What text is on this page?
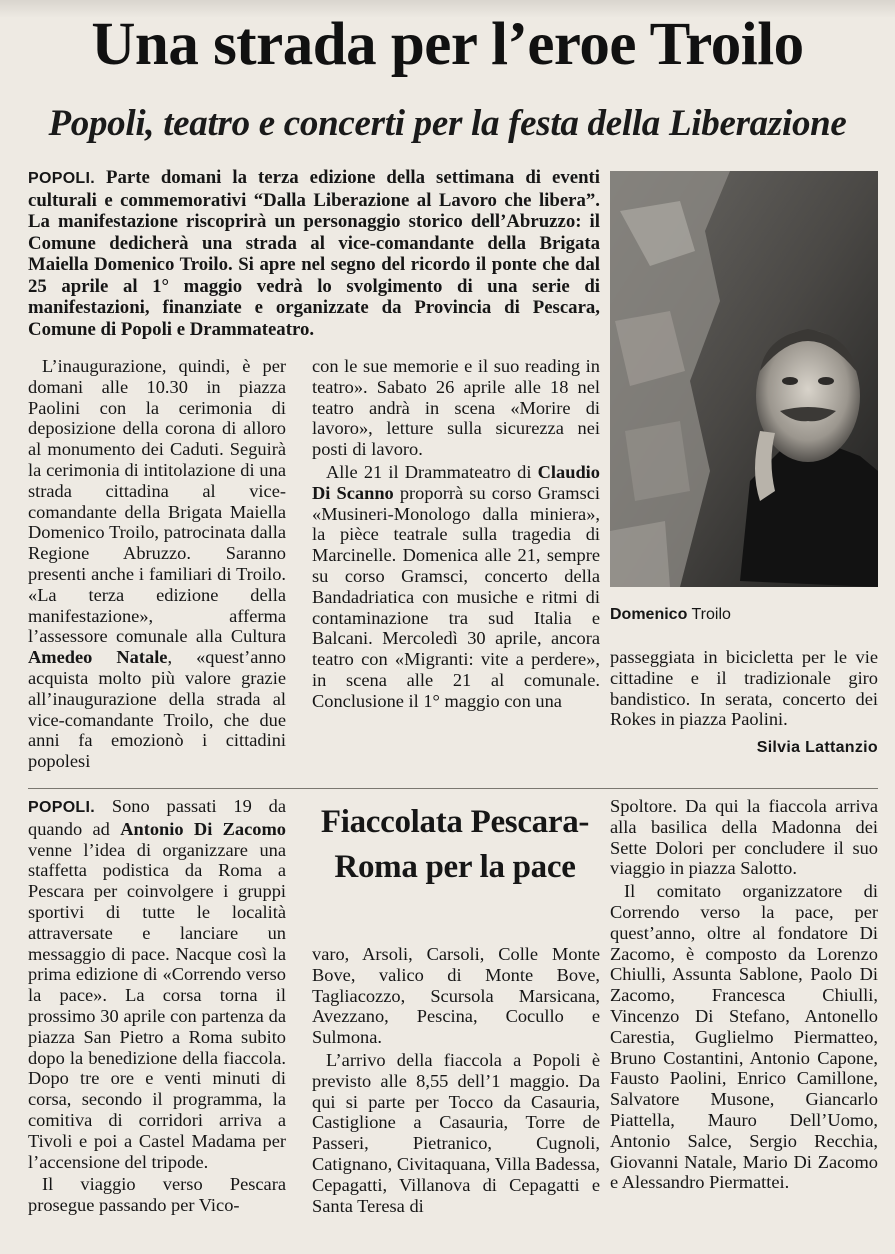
Una strada per l’eroe Troilo
Popoli, teatro e concerti per la festa della Liberazione

POPOLI. Parte domani la terza edizione della settimana di eventi culturali e commemorativi “Dalla Liberazione al Lavoro che libera”. La manifestazione riscoprirà un personaggio storico dell’Abruzzo: il Comune dedicherà una strada al vice-comandante della Brigata Maiella Domenico Troilo. Si apre nel segno del ricordo il ponte che dal 25 aprile al 1° maggio vedrà lo svolgimento di una serie di manifestazioni, finanziate e organizzate da Provincia di Pescara, Comune di Popoli e Drammateatro.

L’inaugurazione, quindi, è per domani alle 10.30 in piazza Paolini con la cerimonia di deposizione della corona di alloro al monumento dei Caduti. Seguirà la cerimonia di intitolazione di una strada cittadina al vice-comandante della Brigata Maiella Domenico Troilo, patrocinata dalla Regione Abruzzo. Saranno presenti anche i familiari di Troilo. «La terza edizione della manifestazione», afferma l’assessore comunale alla Cultura Amedeo Natale, «quest’anno acquista molto più valore grazie all’inaugurazione della strada al vice-comandante Troilo, che due anni fa emozionò i cittadini popolesi

con le sue memorie e il suo reading in teatro». Sabato 26 aprile alle 18 nel teatro andrà in scena «Morire di lavoro», letture sulla sicurezza nei posti di lavoro.

Alle 21 il Drammateatro di Claudio Di Scanno proporrà su corso Gramsci «Musineri-Monologo dalla miniera», la pièce teatrale sulla tragedia di Marcinelle. Domenica alle 21, sempre su corso Gramsci, concerto della Bandadriatica con musiche e ritmi di contaminazione tra sud Italia e Balcani. Mercoledì 30 aprile, ancora teatro con «Migranti: vite a perdere», in scena alle 21 al comunale. Conclusione il 1° maggio con una

Domenico Troilo

passeggiata in bicicletta per le vie cittadine e il tradizionale giro bandistico. In serata, concerto dei Rokes in piazza Paolini.

Silvia Lattanzio
Fiaccolata Pescara-Roma per la pace

POPOLI. Sono passati 19 da quando ad Antonio Di Zacomo venne l’idea di organizzare una staffetta podistica da Roma a Pescara per coinvolgere i gruppi sportivi di tutte le località attraversate e lanciare un messaggio di pace. Nacque così la prima edizione di «Correndo verso la pace». La corsa torna il prossimo 30 aprile con partenza da piazza San Pietro a Roma subito dopo la benedizione della fiaccola. Dopo tre ore e venti minuti di corsa, secondo il programma, la comitiva di corridori arriva a Tivoli e poi a Castel Madama per l’accensione del tripode.

Il viaggio verso Pescara prosegue passando per Vico-

varo, Arsoli, Carsoli, Colle Monte Bove, valico di Monte Bove, Tagliacozzo, Scursola Marsicana, Avezzano, Pescina, Cocullo e Sulmona.

L’arrivo della fiaccola a Popoli è previsto alle 8,55 dell’1 maggio. Da qui si parte per Tocco da Casauria, Castiglione a Casauria, Torre de Passeri, Pietranico, Cugnoli, Catignano, Civitaquana, Villa Badessa, Cepagatti, Villanova di Cepagatti e Santa Teresa di

Spoltore. Da qui la fiaccola arriva alla basilica della Madonna dei Sette Dolori per concludere il suo viaggio in piazza Salotto.

Il comitato organizzatore di Correndo verso la pace, per quest’anno, oltre al fondatore Di Zacomo, è composto da Lorenzo Chiulli, Assunta Sablone, Paolo Di Zacomo, Francesca Chiulli, Vincenzo Di Stefano, Antonello Carestia, Guglielmo Piermatteo, Bruno Costantini, Antonio Capone, Fausto Paolini, Enrico Camillone, Salvatore Musone, Giancarlo Piattella, Mauro Dell’Uomo, Antonio Salce, Sergio Recchia, Giovanni Natale, Mario Di Zacomo e Alessandro Piermattei.
